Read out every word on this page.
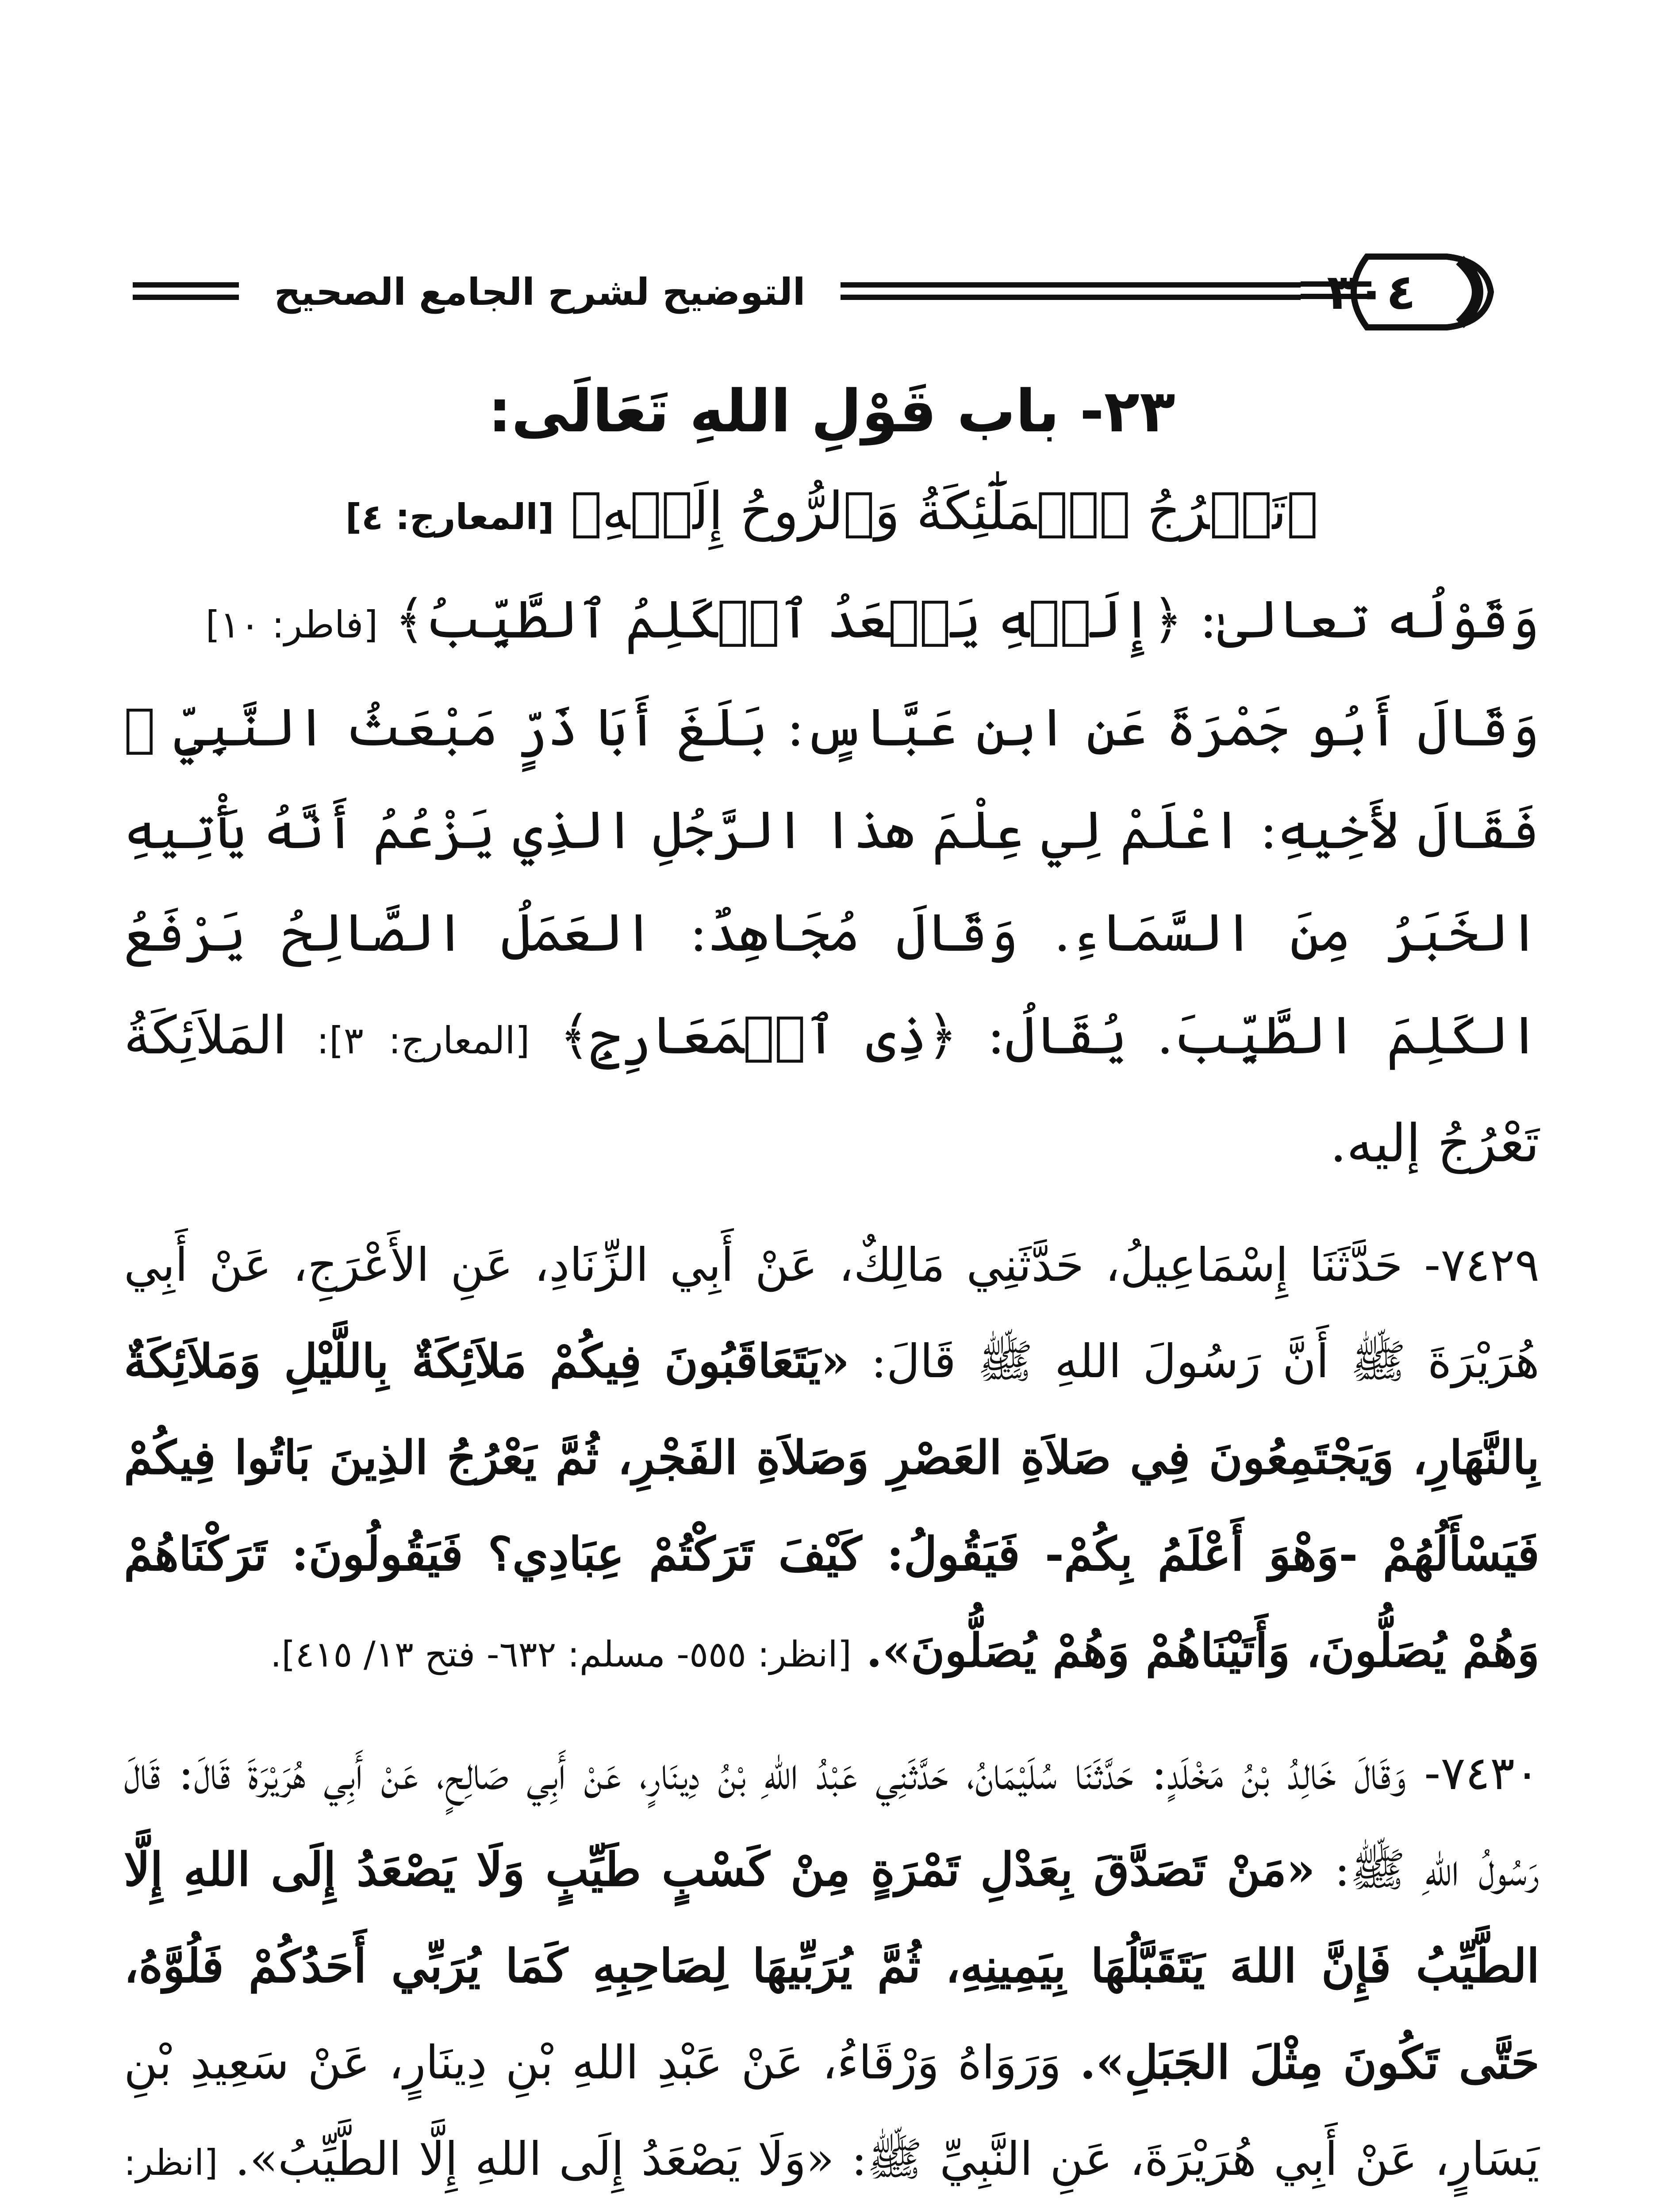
٣٠٤
التوضيح لشرح الجامع الصحيح
٢٣- باب قَوْلِ اللهِ تَعَالَى:
﴿تَعۡرُجُ ٱلۡمَلَٰٓئِكَةُ وَٱلرُّوحُ إِلَيۡهِ﴾ [المعارج: ٤]

وَقَوْلُه تعالىٰ: ﴿إِلَيۡهِ يَصۡعَدُ ٱلۡكَلِمُ ٱلطَّيِّبُ﴾ [فاطر: ١٠]
وَقَالَ أَبُو جَمْرَةَ عَنِ ابن عَبَّاسٍ: بَلَغَ أَبَا ذَرٍّ مَبْعَثُ النَّبِيِّ ﷺ فَقَالَ لأَخِيهِ: اعْلَمْ لِي عِلْمَ هذا الرَّجُلِ الذِي يَزْعُمُ أَنَّهُ يَأْتِيهِ الخَبَرُ مِنَ السَّمَاءِ. وَقَالَ مُجَاهِدٌ: العَمَلُ الصَّالِحُ يَرْفَعُ الكَلِمَ الطَّيِّبَ. يُقَالُ: ﴿ذِى ٱلۡمَعَارِجِ﴾ [المعارج: ٣]: المَلاَئِكَةُ تَعْرُجُ إليه.

٧٤٢٩- حَدَّثَنَا إِسْمَاعِيلُ، حَدَّثَنِي مَالِكٌ، عَنْ أَبِي الزِّنَادِ، عَنِ الأَعْرَجِ، عَنْ أَبِي هُرَيْرَةَ ﷺ أَنَّ رَسُولَ اللهِ ﷺ قَالَ: «يَتَعَاقَبُونَ فِيكُمْ مَلاَئِكَةٌ بِاللَّيْلِ وَمَلاَئِكَةٌ بِالنَّهَارِ، وَيَجْتَمِعُونَ فِي صَلاَةِ العَصْرِ وَصَلاَةِ الفَجْرِ، ثُمَّ يَعْرُجُ الذِينَ بَاتُوا فِيكُمْ فَيَسْأَلُهُمْ -وَهْوَ أَعْلَمُ بِكُمْ- فَيَقُولُ: كَيْفَ تَرَكْتُمْ عِبَادِي؟ فَيَقُولُونَ: تَرَكْنَاهُمْ وَهُمْ يُصَلُّونَ، وَأَتَيْنَاهُمْ وَهُمْ يُصَلُّونَ». [انظر: ٥٥٥- مسلم: ٦٣٢- فتح ١٣/ ٤١٥].

٧٤٣٠- وَقَالَ خَالِدُ بْنُ مَخْلَدٍ: حَدَّثَنَا سُلَيْمَانُ، حَدَّثَنِي عَبْدُ اللهِ بْنُ دِينَارٍ، عَنْ أَبِي صَالِحٍ، عَنْ أَبِي هُرَيْرَةَ قَالَ: قَالَ رَسُولُ اللهِ ﷺ: «مَنْ تَصَدَّقَ بِعَدْلِ تَمْرَةٍ مِنْ كَسْبٍ طَيِّبٍ وَلَا يَصْعَدُ إِلَى اللهِ إِلَّا الطَّيِّبُ فَإِنَّ اللهَ يَتَقَبَّلُهَا بِيَمِينِهِ، ثُمَّ يُرَبِّيهَا لِصَاحِبِهِ كَمَا يُرَبِّي أَحَدُكُمْ فَلُوَّهُ، حَتَّى تَكُونَ مِثْلَ الجَبَلِ». وَرَوَاهُ وَرْقَاءُ، عَنْ عَبْدِ اللهِ بْنِ دِينَارٍ، عَنْ سَعِيدِ بْنِ يَسَارٍ، عَنْ أَبِي هُرَيْرَةَ، عَنِ النَّبِيِّ ﷺ: «وَلَا يَصْعَدُ إِلَى اللهِ إِلَّا الطَّيِّبُ». [انظر:
